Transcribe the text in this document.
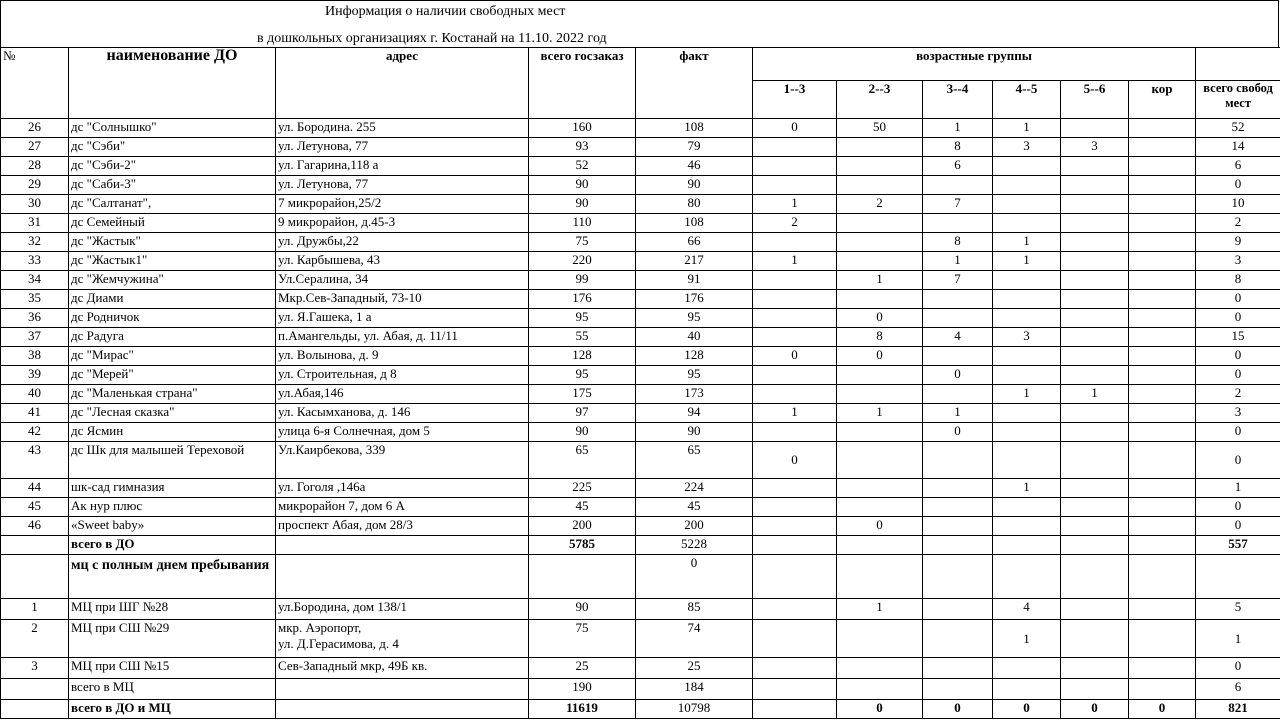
Информация о наличии свободных мест
в дошкольных организациях г. Костанай на 11.10. 2022 год
№	наименование ДО	адрес	всего госзаказ	факт	возрастные группы						
					1--3	2--3	3--4	4--5	5--6	кор	всего свобод мест
26	дс "Солнышко"	ул. Бородина. 255	160	108	0	50	1	1			52
27	дс "Сэби"	ул. Летунова, 77	93	79			8	3	3		14
28	дс "Сэби-2"	ул. Гагарина,118 а	52	46			6				6
29	дс "Саби-3"	ул. Летунова, 77	90	90							0
30	дс "Салтанат",	7 микрорайон,25/2	90	80	1	2	7				10
31	дс Семейный	9 микрорайон, д.45-3	110	108	2						2
32	дс "Жастык"	ул. Дружбы,22	75	66			8	1			9
33	дс "Жастык1"	ул. Карбышева, 43	220	217	1		1	1			3
34	дс "Жемчужина"	Ул.Сералина, 34	99	91		1	7				8
35	дс Диами	Мкр.Сев-Западный, 73-10	176	176							0
36	дс Родничок	ул. Я.Гашека, 1 а	95	95		0					0
37	дс Радуга	п.Амангельды, ул. Абая, д. 11/11	55	40		8	4	3			15
38	дс "Мирас"	ул. Волынова, д. 9	128	128	0	0					0
39	дс "Мерей"	ул. Строительная, д 8	95	95			0				0
40	дс "Маленькая страна"	ул.Абая,146	175	173				1	1		2
41	дс "Лесная сказка"	ул. Касымханова, д. 146	97	94	1	1	1				3
42	дс Ясмин	улица 6-я Солнечная, дом 5	90	90			0				0
43	дс Шк для малышей Тереховой	Ул.Каирбекова, 339	65	65	0						0
44	шк-сад гимназия	ул. Гоголя ,146а	225	224				1			1
45	Ак нур плюс	микрорайон 7, дом 6 А	45	45							0
46	«Sweet baby»	проспект Абая, дом 28/3	200	200		0					0
	всего в ДО		5785	5228							557
	мц с полным днем пребывания			0							
1	МЦ при ШГ №28	ул.Бородина, дом 138/1	90	85		1		4			5
2	МЦ при СШ №29	мкр. Аэропорт,
ул. Д.Герасимова, д. 4	75	74				1			1
3	МЦ при СШ №15	Сев-Западный мкр, 49Б кв.	25	25							0
	всего в МЦ		190	184							6
	всего в ДО и МЦ		11619	10798		0	0	0	0	0	821
